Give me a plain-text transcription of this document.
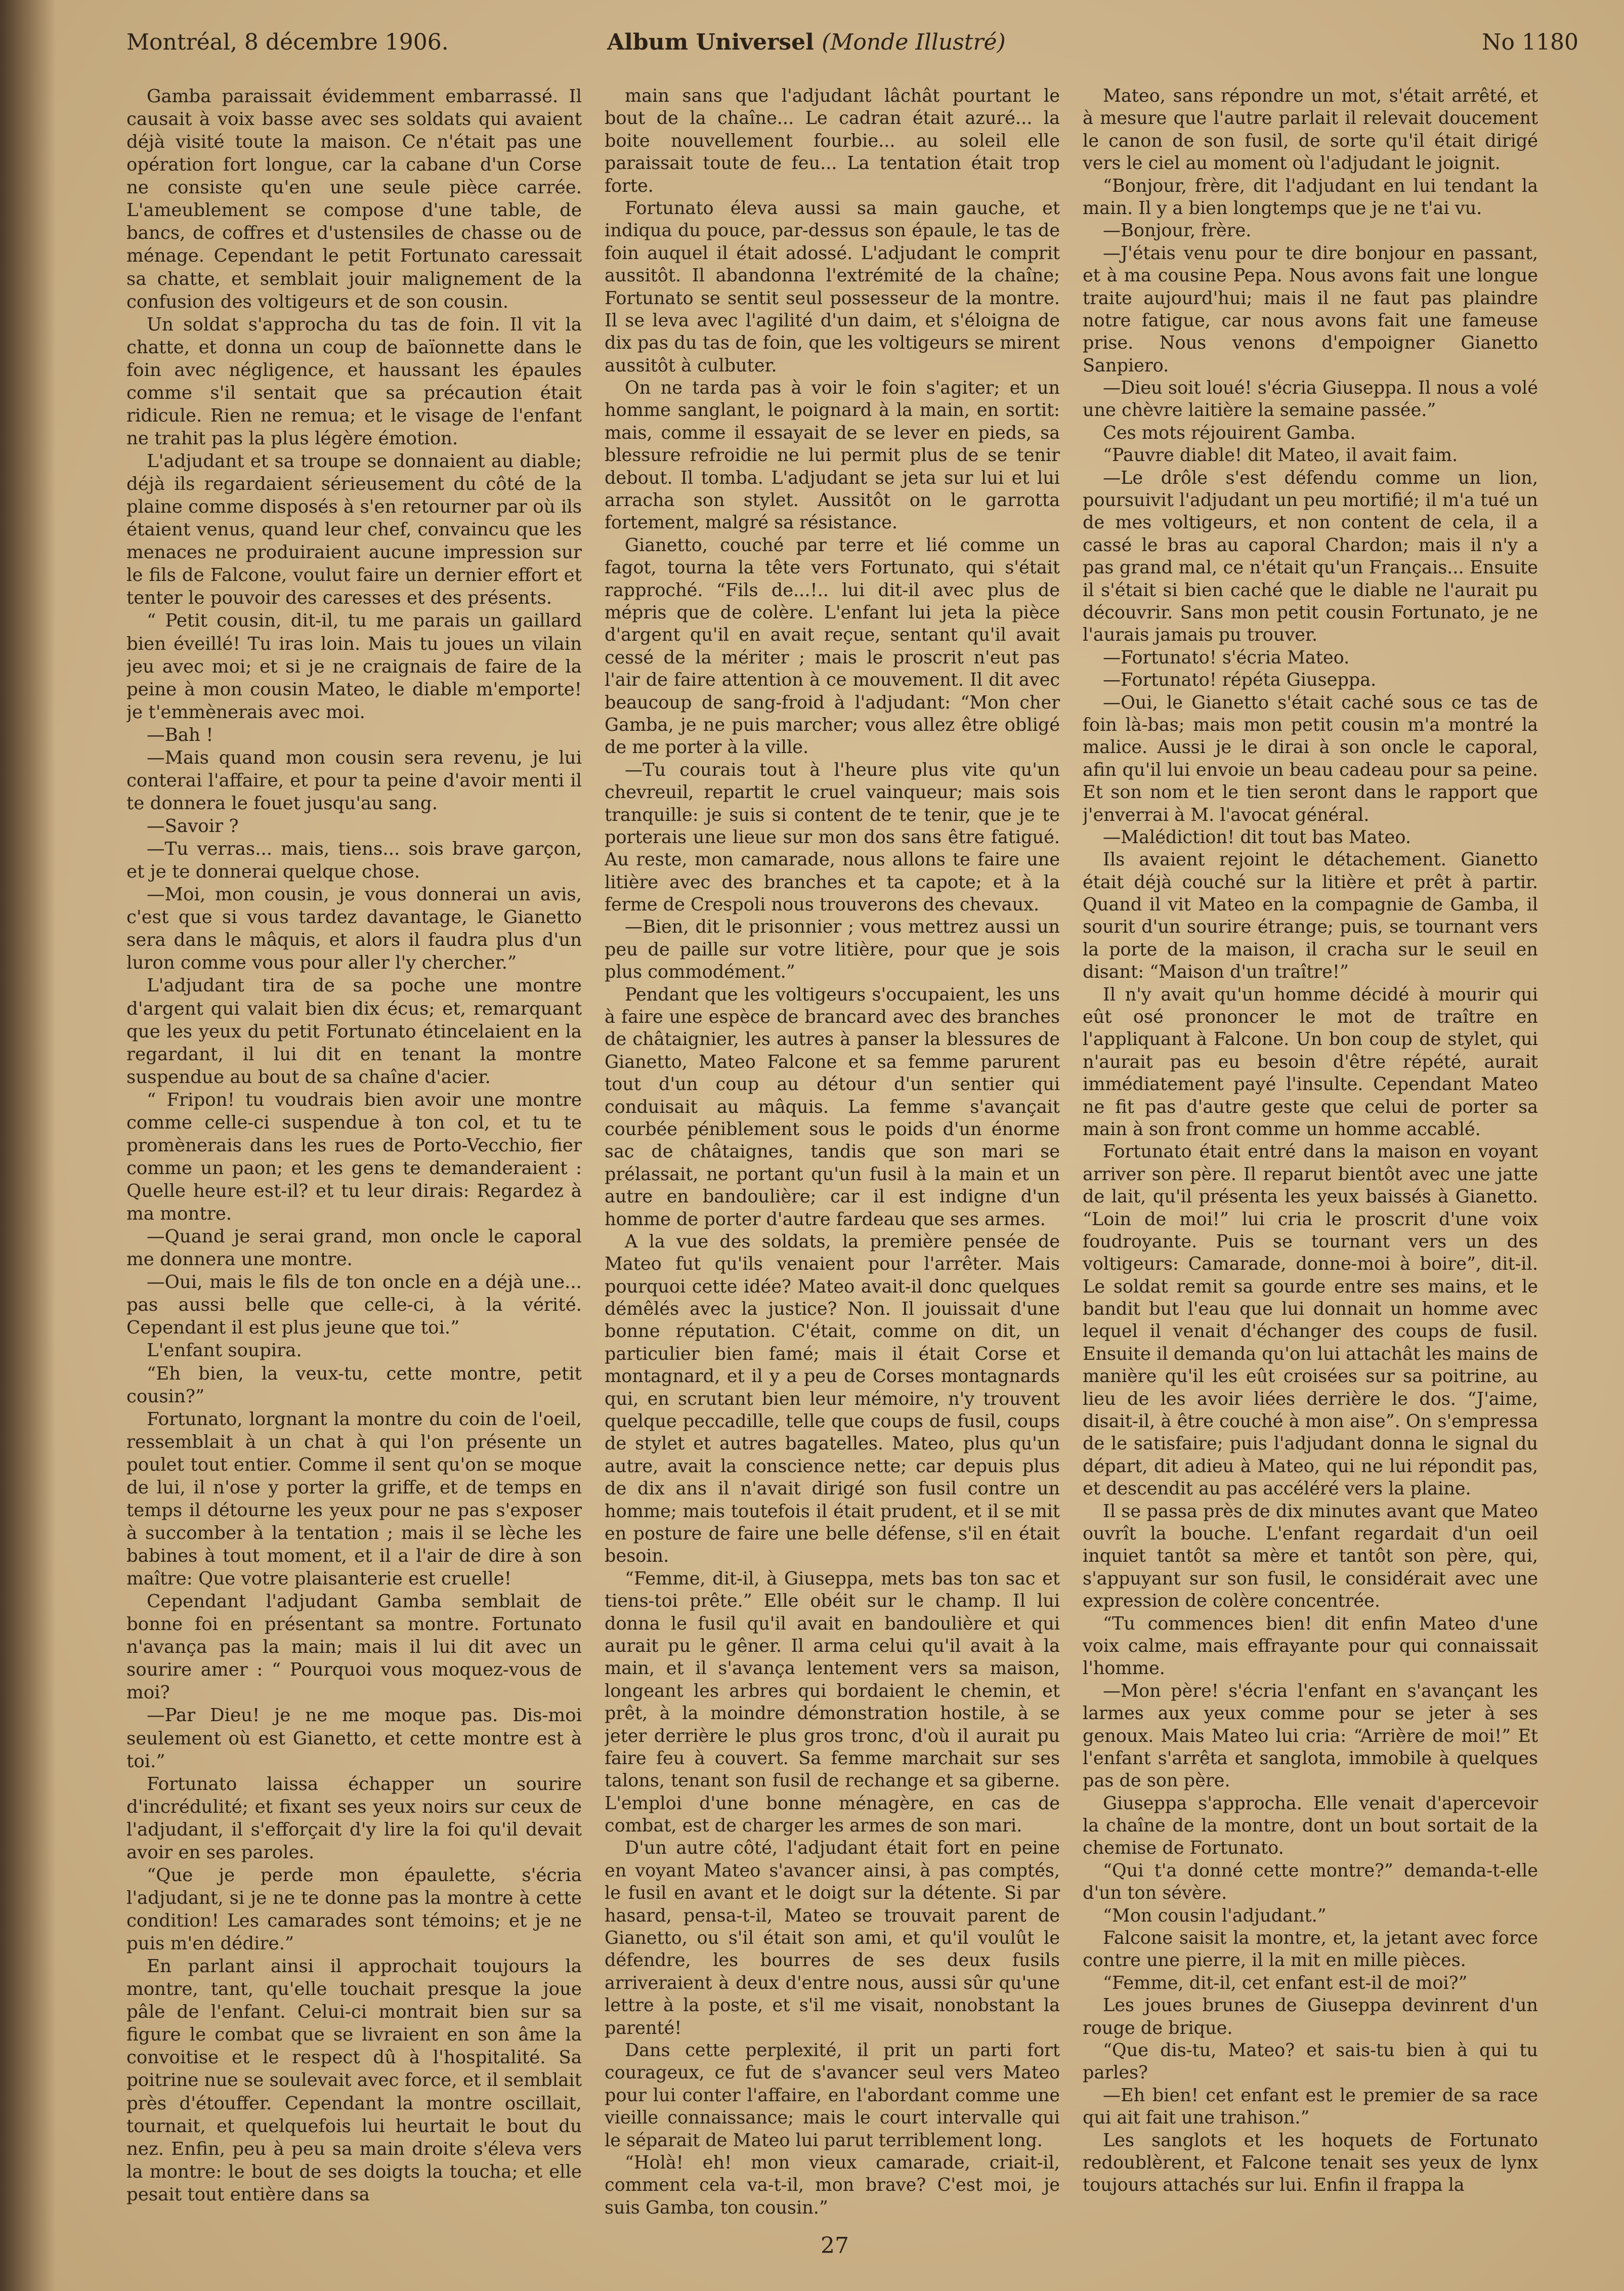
Montréal, 8 décembre 1906.	Album Universel (Monde Illustré)	No 1180

Gamba paraissait évidemment embarrassé. Il causait à voix basse avec ses soldats qui avaient déjà visité toute la maison. Ce n'était pas une opération fort longue, car la cabane d'un Corse ne consiste qu'en une seule pièce carrée. L'ameublement se compose d'une table, de bancs, de coffres et d'ustensiles de chasse ou de ménage. Cependant le petit Fortunato caressait sa chatte, et semblait jouir malignement de la confusion des voltigeurs et de son cousin.

Un soldat s'approcha du tas de foin. Il vit la chatte, et donna un coup de baïonnette dans le foin avec négligence, et haussant les épaules comme s'il sentait que sa précaution était ridicule. Rien ne remua; et le visage de l'enfant ne trahit pas la plus légère émotion.

L'adjudant et sa troupe se donnaient au diable; déjà ils regardaient sérieusement du côté de la plaine comme disposés à s'en retourner par où ils étaient venus, quand leur chef, convaincu que les menaces ne produiraient aucune impression sur le fils de Falcone, voulut faire un dernier effort et tenter le pouvoir des caresses et des présents.

“ Petit cousin, dit-il, tu me parais un gaillard bien éveillé! Tu iras loin. Mais tu joues un vilain jeu avec moi; et si je ne craignais de faire de la peine à mon cousin Mateo, le diable m'emporte! je t'emmènerais avec moi.

—Bah !

—Mais quand mon cousin sera revenu, je lui conterai l'affaire, et pour ta peine d'avoir menti il te donnera le fouet jusqu'au sang.

—Savoir ?

—Tu verras... mais, tiens... sois brave garçon, et je te donnerai quelque chose.

—Moi, mon cousin, je vous donnerai un avis, c'est que si vous tardez davantage, le Gianetto sera dans le mâquis, et alors il faudra plus d'un luron comme vous pour aller l'y chercher.”

L'adjudant tira de sa poche une montre d'argent qui valait bien dix écus; et, remarquant que les yeux du petit Fortunato étincelaient en la regardant, il lui dit en tenant la montre suspendue au bout de sa chaîne d'acier.

“ Fripon! tu voudrais bien avoir une montre comme celle-ci suspendue à ton col, et tu te promènerais dans les rues de Porto-Vecchio, fier comme un paon; et les gens te demanderaient : Quelle heure est-il? et tu leur dirais: Regardez à ma montre.

—Quand je serai grand, mon oncle le caporal me donnera une montre.

—Oui, mais le fils de ton oncle en a déjà une... pas aussi belle que celle-ci, à la vérité. Cependant il est plus jeune que toi.”

L'enfant soupira.

“Eh bien, la veux-tu, cette montre, petit cousin?”

Fortunato, lorgnant la montre du coin de l'oeil, ressemblait à un chat à qui l'on présente un poulet tout entier. Comme il sent qu'on se moque de lui, il n'ose y porter la griffe, et de temps en temps il détourne les yeux pour ne pas s'exposer à succomber à la tentation ; mais il se lèche les babines à tout moment, et il a l'air de dire à son maître: Que votre plaisanterie est cruelle!

Cependant l'adjudant Gamba semblait de bonne foi en présentant sa montre. Fortunato n'avança pas la main; mais il lui dit avec un sourire amer : “ Pourquoi vous moquez-vous de moi?

—Par Dieu! je ne me moque pas. Dis-moi seulement où est Gianetto, et cette montre est à toi.”

Fortunato laissa échapper un sourire d'incrédulité; et fixant ses yeux noirs sur ceux de l'adjudant, il s'efforçait d'y lire la foi qu'il devait avoir en ses paroles.

“Que je perde mon épaulette, s'écria l'adjudant, si je ne te donne pas la montre à cette condition! Les camarades sont témoins; et je ne puis m'en dédire.”

En parlant ainsi il approchait toujours la montre, tant, qu'elle touchait presque la joue pâle de l'enfant. Celui-ci montrait bien sur sa figure le combat que se livraient en son âme la convoitise et le respect dû à l'hospitalité. Sa poitrine nue se soulevait avec force, et il semblait près d'étouffer. Cependant la montre oscillait, tournait, et quelquefois lui heurtait le bout du nez. Enfin, peu à peu sa main droite s'éleva vers la montre: le bout de ses doigts la toucha; et elle pesait tout entière dans sa

main sans que l'adjudant lâchât pourtant le bout de la chaîne... Le cadran était azuré... la boite nouvellement fourbie... au soleil elle paraissait toute de feu... La tentation était trop forte.

Fortunato éleva aussi sa main gauche, et indiqua du pouce, par-dessus son épaule, le tas de foin auquel il était adossé. L'adjudant le comprit aussitôt. Il abandonna l'extrémité de la chaîne; Fortunato se sentit seul possesseur de la montre. Il se leva avec l'agilité d'un daim, et s'éloigna de dix pas du tas de foin, que les voltigeurs se mirent aussitôt à culbuter.

On ne tarda pas à voir le foin s'agiter; et un homme sanglant, le poignard à la main, en sortit: mais, comme il essayait de se lever en pieds, sa blessure refroidie ne lui permit plus de se tenir debout. Il tomba. L'adjudant se jeta sur lui et lui arracha son stylet. Aussitôt on le garrotta fortement, malgré sa résistance.

Gianetto, couché par terre et lié comme un fagot, tourna la tête vers Fortunato, qui s'était rapproché. “Fils de...!.. lui dit-il avec plus de mépris que de colère. L'enfant lui jeta la pièce d'argent qu'il en avait reçue, sentant qu'il avait cessé de la mériter ; mais le proscrit n'eut pas l'air de faire attention à ce mouvement. Il dit avec beaucoup de sang-froid à l'adjudant: “Mon cher Gamba, je ne puis marcher; vous allez être obligé de me porter à la ville.

—Tu courais tout à l'heure plus vite qu'un chevreuil, repartit le cruel vainqueur; mais sois tranquille: je suis si content de te tenir, que je te porterais une lieue sur mon dos sans être fatigué. Au reste, mon camarade, nous allons te faire une litière avec des branches et ta capote; et à la ferme de Crespoli nous trouverons des chevaux.

—Bien, dit le prisonnier ; vous mettrez aussi un peu de paille sur votre litière, pour que je sois plus commodément.”

Pendant que les voltigeurs s'occupaient, les uns à faire une espèce de brancard avec des branches de châtaignier, les autres à panser la blessures de Gianetto, Mateo Falcone et sa femme parurent tout d'un coup au détour d'un sentier qui conduisait au mâquis. La femme s'avançait courbée péniblement sous le poids d'un énorme sac de châtaignes, tandis que son mari se prélassait, ne portant qu'un fusil à la main et un autre en bandoulière; car il est indigne d'un homme de porter d'autre fardeau que ses armes.

A la vue des soldats, la première pensée de Mateo fut qu'ils venaient pour l'arrêter. Mais pourquoi cette idée? Mateo avait-il donc quelques démêlés avec la justice? Non. Il jouissait d'une bonne réputation. C'était, comme on dit, un particulier bien famé; mais il était Corse et montagnard, et il y a peu de Corses montagnards qui, en scrutant bien leur mémoire, n'y trouvent quelque peccadille, telle que coups de fusil, coups de stylet et autres bagatelles. Mateo, plus qu'un autre, avait la conscience nette; car depuis plus de dix ans il n'avait dirigé son fusil contre un homme; mais toutefois il était prudent, et il se mit en posture de faire une belle défense, s'il en était besoin.

“Femme, dit-il, à Giuseppa, mets bas ton sac et tiens-toi prête.” Elle obéit sur le champ. Il lui donna le fusil qu'il avait en bandoulière et qui aurait pu le gêner. Il arma celui qu'il avait à la main, et il s'avança lentement vers sa maison, longeant les arbres qui bordaient le chemin, et prêt, à la moindre démonstration hostile, à se jeter derrière le plus gros tronc, d'où il aurait pu faire feu à couvert. Sa femme marchait sur ses talons, tenant son fusil de rechange et sa giberne. L'emploi d'une bonne ménagère, en cas de combat, est de charger les armes de son mari.

D'un autre côté, l'adjudant était fort en peine en voyant Mateo s'avancer ainsi, à pas comptés, le fusil en avant et le doigt sur la détente. Si par hasard, pensa-t-il, Mateo se trouvait parent de Gianetto, ou s'il était son ami, et qu'il voulût le défendre, les bourres de ses deux fusils arriveraient à deux d'entre nous, aussi sûr qu'une lettre à la poste, et s'il me visait, nonobstant la parenté!

Dans cette perplexité, il prit un parti fort courageux, ce fut de s'avancer seul vers Mateo pour lui conter l'affaire, en l'abordant comme une vieille connaissance; mais le court intervalle qui le séparait de Mateo lui parut terriblement long.

“Holà! eh! mon vieux camarade, criait-il, comment cela va-t-il, mon brave? C'est moi, je suis Gamba, ton cousin.”

Mateo, sans répondre un mot, s'était arrêté, et à mesure que l'autre parlait il relevait doucement le canon de son fusil, de sorte qu'il était dirigé vers le ciel au moment où l'adjudant le joignit.

“Bonjour, frère, dit l'adjudant en lui tendant la main. Il y a bien longtemps que je ne t'ai vu.

—Bonjour, frère.

—J'étais venu pour te dire bonjour en passant, et à ma cousine Pepa. Nous avons fait une longue traite aujourd'hui; mais il ne faut pas plaindre notre fatigue, car nous avons fait une fameuse prise. Nous venons d'empoigner Gianetto Sanpiero.

—Dieu soit loué! s'écria Giuseppa. Il nous a volé une chèvre laitière la semaine passée.”

Ces mots réjouirent Gamba.

“Pauvre diable! dit Mateo, il avait faim.

—Le drôle s'est défendu comme un lion, poursuivit l'adjudant un peu mortifié; il m'a tué un de mes voltigeurs, et non content de cela, il a cassé le bras au caporal Chardon; mais il n'y a pas grand mal, ce n'était qu'un Français... Ensuite il s'était si bien caché que le diable ne l'aurait pu découvrir. Sans mon petit cousin Fortunato, je ne l'aurais jamais pu trouver.

—Fortunato! s'écria Mateo.

—Fortunato! répéta Giuseppa.

—Oui, le Gianetto s'était caché sous ce tas de foin là-bas; mais mon petit cousin m'a montré la malice. Aussi je le dirai à son oncle le caporal, afin qu'il lui envoie un beau cadeau pour sa peine. Et son nom et le tien seront dans le rapport que j'enverrai à M. l'avocat général.

—Malédiction! dit tout bas Mateo.

Ils avaient rejoint le détachement. Gianetto était déjà couché sur la litière et prêt à partir. Quand il vit Mateo en la compagnie de Gamba, il sourit d'un sourire étrange; puis, se tournant vers la porte de la maison, il cracha sur le seuil en disant: “Maison d'un traître!”

Il n'y avait qu'un homme décidé à mourir qui eût osé prononcer le mot de traître en l'appliquant à Falcone. Un bon coup de stylet, qui n'aurait pas eu besoin d'être répété, aurait immédiatement payé l'insulte. Cependant Mateo ne fit pas d'autre geste que celui de porter sa main à son front comme un homme accablé.

Fortunato était entré dans la maison en voyant arriver son père. Il reparut bientôt avec une jatte de lait, qu'il présenta les yeux baissés à Gianetto. “Loin de moi!” lui cria le proscrit d'une voix foudroyante. Puis se tournant vers un des voltigeurs: Camarade, donne-moi à boire”, dit-il. Le soldat remit sa gourde entre ses mains, et le bandit but l'eau que lui donnait un homme avec lequel il venait d'échanger des coups de fusil. Ensuite il demanda qu'on lui attachât les mains de manière qu'il les eût croisées sur sa poitrine, au lieu de les avoir liées derrière le dos. “J'aime, disait-il, à être couché à mon aise”. On s'empressa de le satisfaire; puis l'adjudant donna le signal du départ, dit adieu à Mateo, qui ne lui répondit pas, et descendit au pas accéléré vers la plaine.

Il se passa près de dix minutes avant que Mateo ouvrît la bouche. L'enfant regardait d'un oeil inquiet tantôt sa mère et tantôt son père, qui, s'appuyant sur son fusil, le considérait avec une expression de colère concentrée.

“Tu commences bien! dit enfin Mateo d'une voix calme, mais effrayante pour qui connaissait l'homme.

—Mon père! s'écria l'enfant en s'avançant les larmes aux yeux comme pour se jeter à ses genoux. Mais Mateo lui cria: “Arrière de moi!” Et l'enfant s'arrêta et sanglota, immobile à quelques pas de son père.

Giuseppa s'approcha. Elle venait d'apercevoir la chaîne de la montre, dont un bout sortait de la chemise de Fortunato.

“Qui t'a donné cette montre?” demanda-t-elle d'un ton sévère.

“Mon cousin l'adjudant.”

Falcone saisit la montre, et, la jetant avec force contre une pierre, il la mit en mille pièces.

“Femme, dit-il, cet enfant est-il de moi?”

Les joues brunes de Giuseppa devinrent d'un rouge de brique.

“Que dis-tu, Mateo? et sais-tu bien à qui tu parles?

—Eh bien! cet enfant est le premier de sa race qui ait fait une trahison.”

Les sanglots et les hoquets de Fortunato redoublèrent, et Falcone tenait ses yeux de lynx toujours attachés sur lui. Enfin il frappa la

27
